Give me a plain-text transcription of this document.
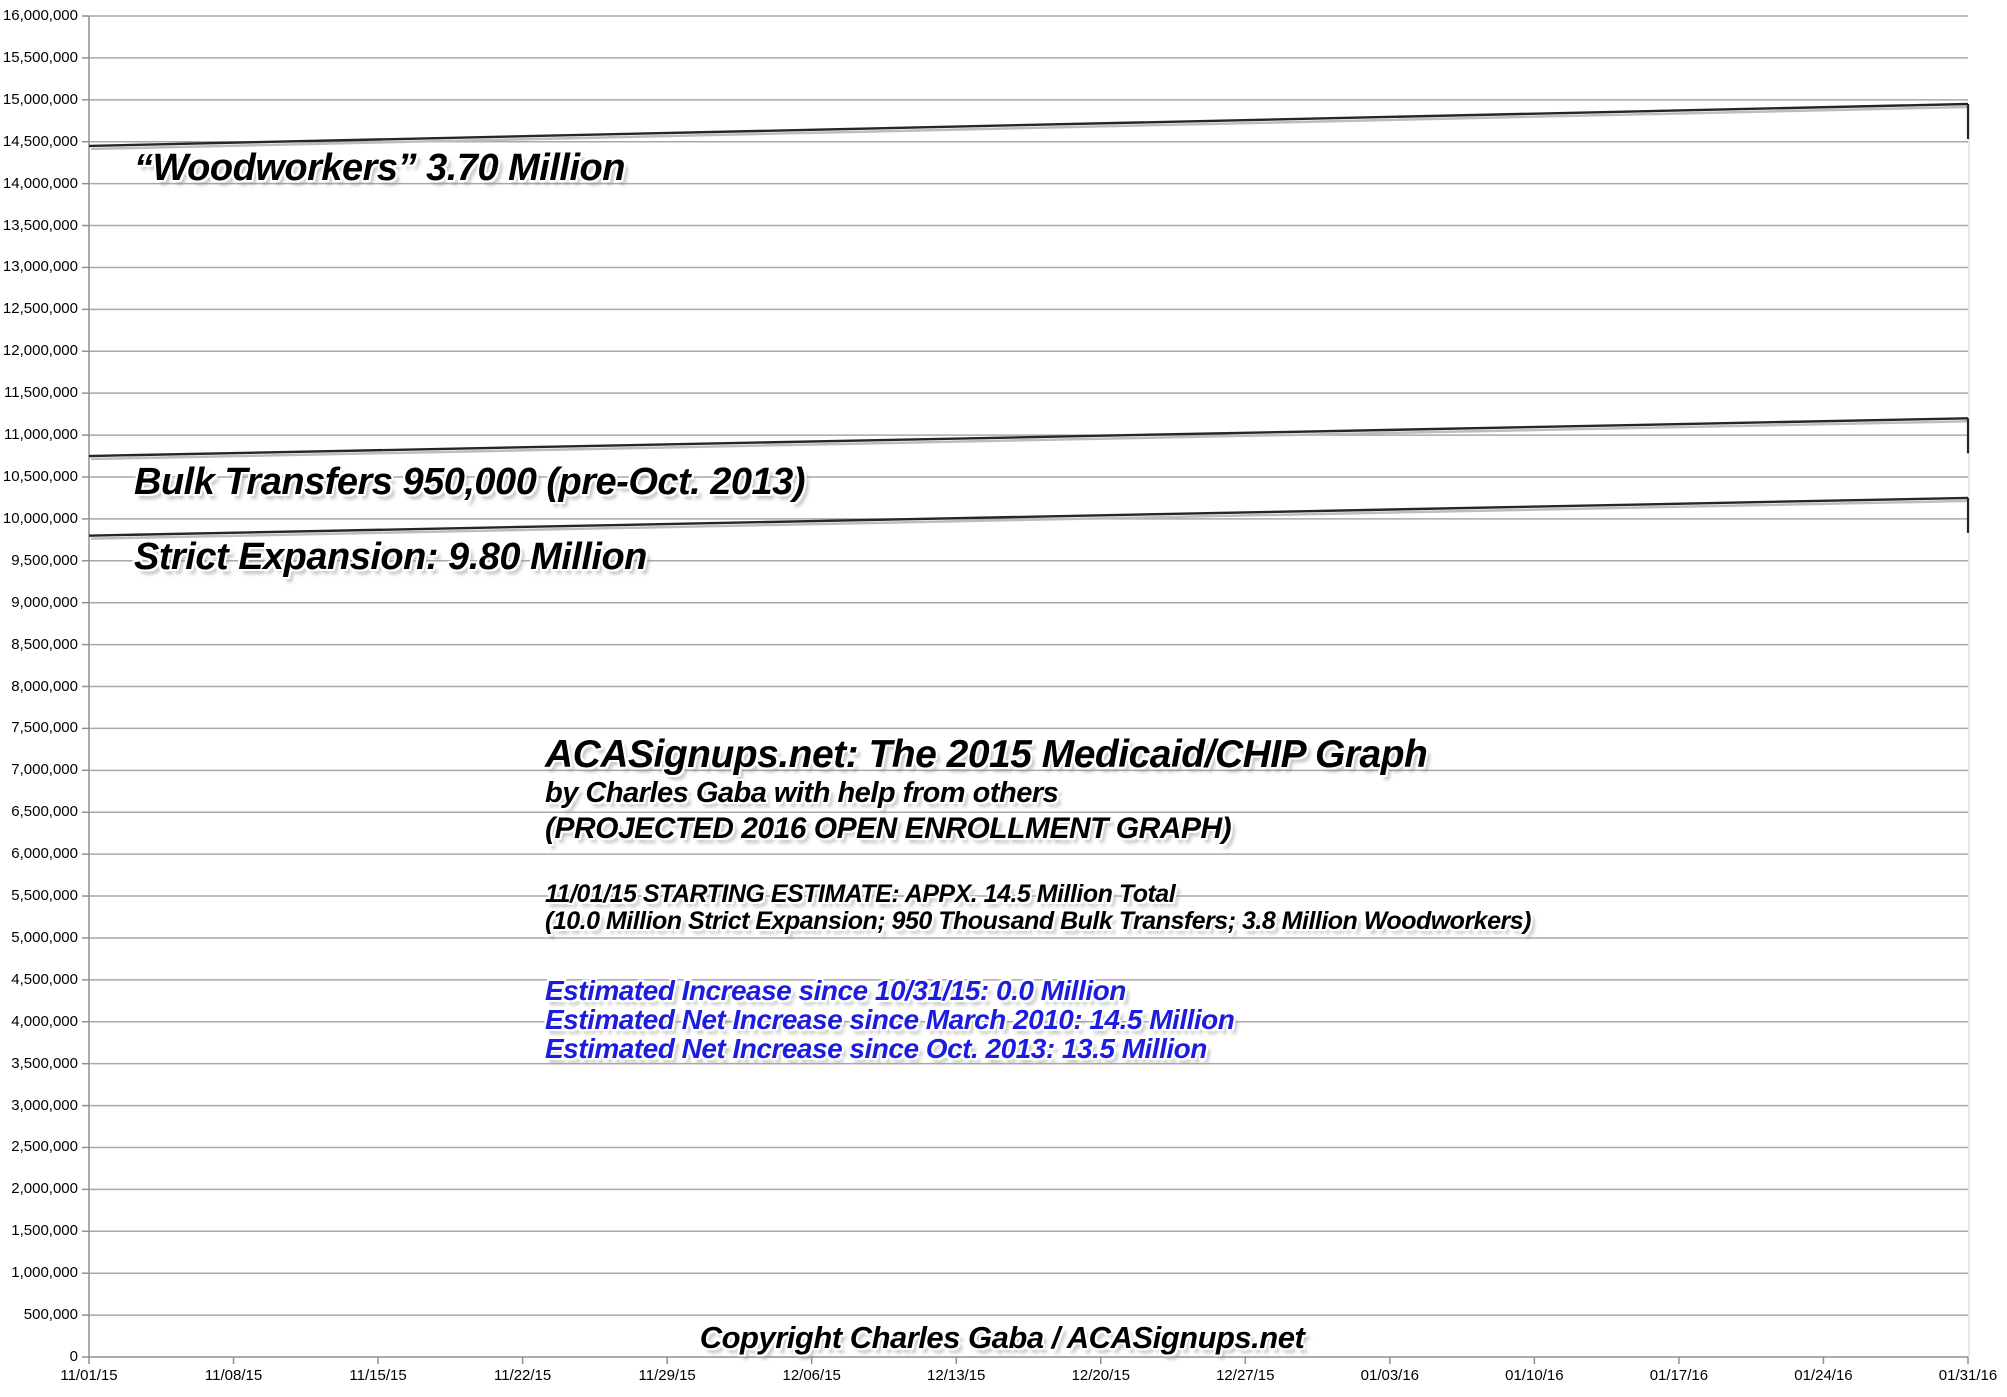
0
500,000
1,000,000
1,500,000
2,000,000
2,500,000
3,000,000
3,500,000
4,000,000
4,500,000
5,000,000
5,500,000
6,000,000
6,500,000
7,000,000
7,500,000
8,000,000
8,500,000
9,000,000
9,500,000
10,000,000
10,500,000
11,000,000
11,500,000
12,000,000
12,500,000
13,000,000
13,500,000
14,000,000
14,500,000
15,000,000
15,500,000
16,000,000
11/01/15	11/08/15	11/15/15	11/22/15	11/29/15	12/06/15	12/13/15	12/20/15	12/27/15	01/03/16	01/10/16	01/17/16	01/24/16	01/31/16
“Woodworkers” 3.70 Million
Bulk Transfers 950,000 (pre-Oct. 2013)
Strict Expansion: 9.80 Million
ACASignups.net: The 2015 Medicaid/CHIP Graph
by Charles Gaba with help from others
(PROJECTED 2016 OPEN ENROLLMENT GRAPH)
11/01/15 STARTING ESTIMATE: APPX. 14.5 Million Total
(10.0 Million Strict Expansion; 950 Thousand Bulk Transfers; 3.8 Million Woodworkers)
Estimated Increase since 10/31/15: 0.0 Million
Estimated Net Increase since March 2010: 14.5 Million
Estimated Net Increase since Oct. 2013: 13.5 Million
Copyright Charles Gaba / ACASignups.net
